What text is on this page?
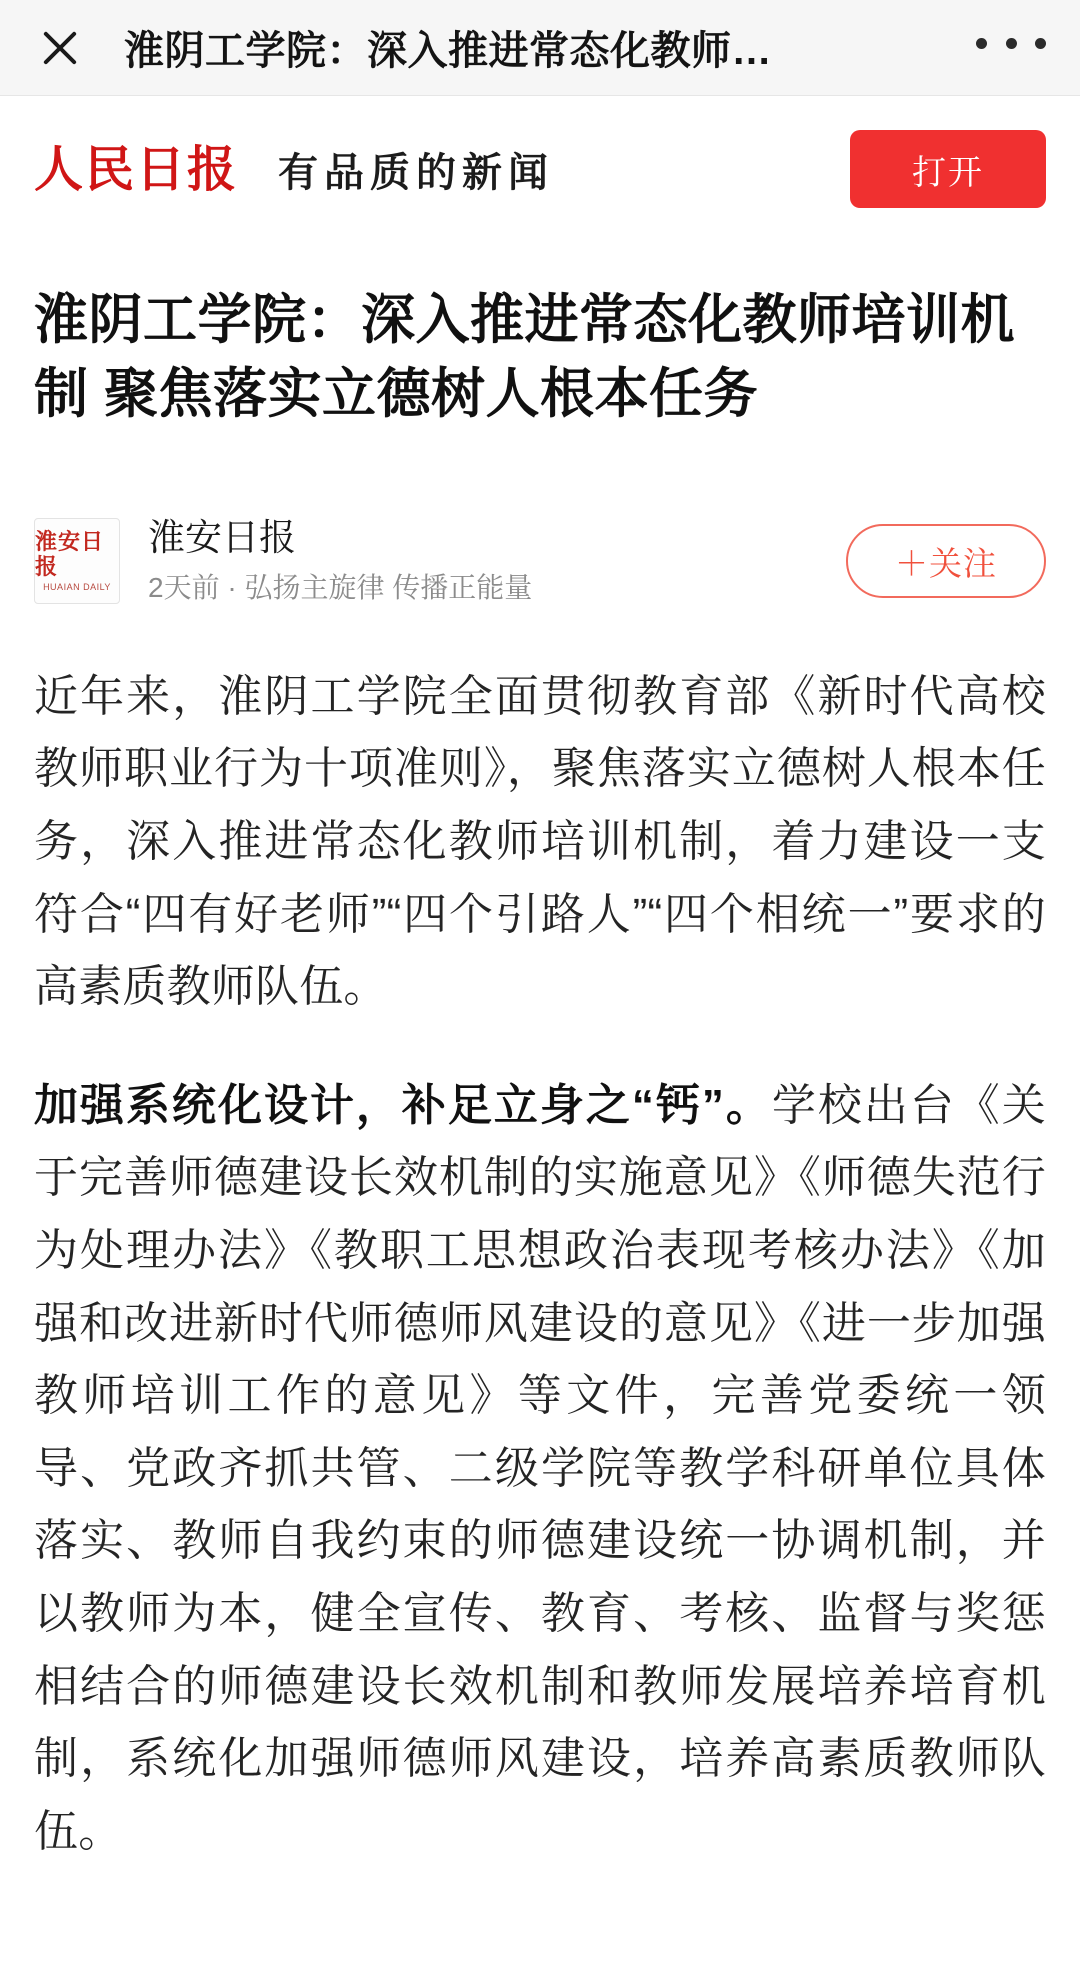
淮阴工学院：深入推进常态化教师…
人民日报	有品质的新闻	打开
淮阴工学院：深入推进常态化教师培训机制 聚焦落实立德树人根本任务
淮安日报
HUAIAN DAILY
淮安日报
2天前 · 弘扬主旋律 传播正能量
＋关注

近年来，淮阴工学院全面贯彻教育部《新时代高校教师职业行为十项准则》，聚焦落实立德树人根本任务，深入推进常态化教师培训机制，着力建设一支符合“四有好老师”“四个引路人”“四个相统一”要求的高素质教师队伍。

加强系统化设计，补足立身之“钙”。学校出台《关于完善师德建设长效机制的实施意见》《师德失范行为处理办法》《教职工思想政治表现考核办法》《加强和改进新时代师德师风建设的意见》《进一步加强教师培训工作的意见》等文件，完善党委统一领导、党政齐抓共管、二级学院等教学科研单位具体落实、教师自我约束的师德建设统一协调机制，并以教师为本，健全宣传、教育、考核、监督与奖惩相结合的师德建设长效机制和教师发展培养培育机制，系统化加强师德师风建设，培养高素质教师队伍。
